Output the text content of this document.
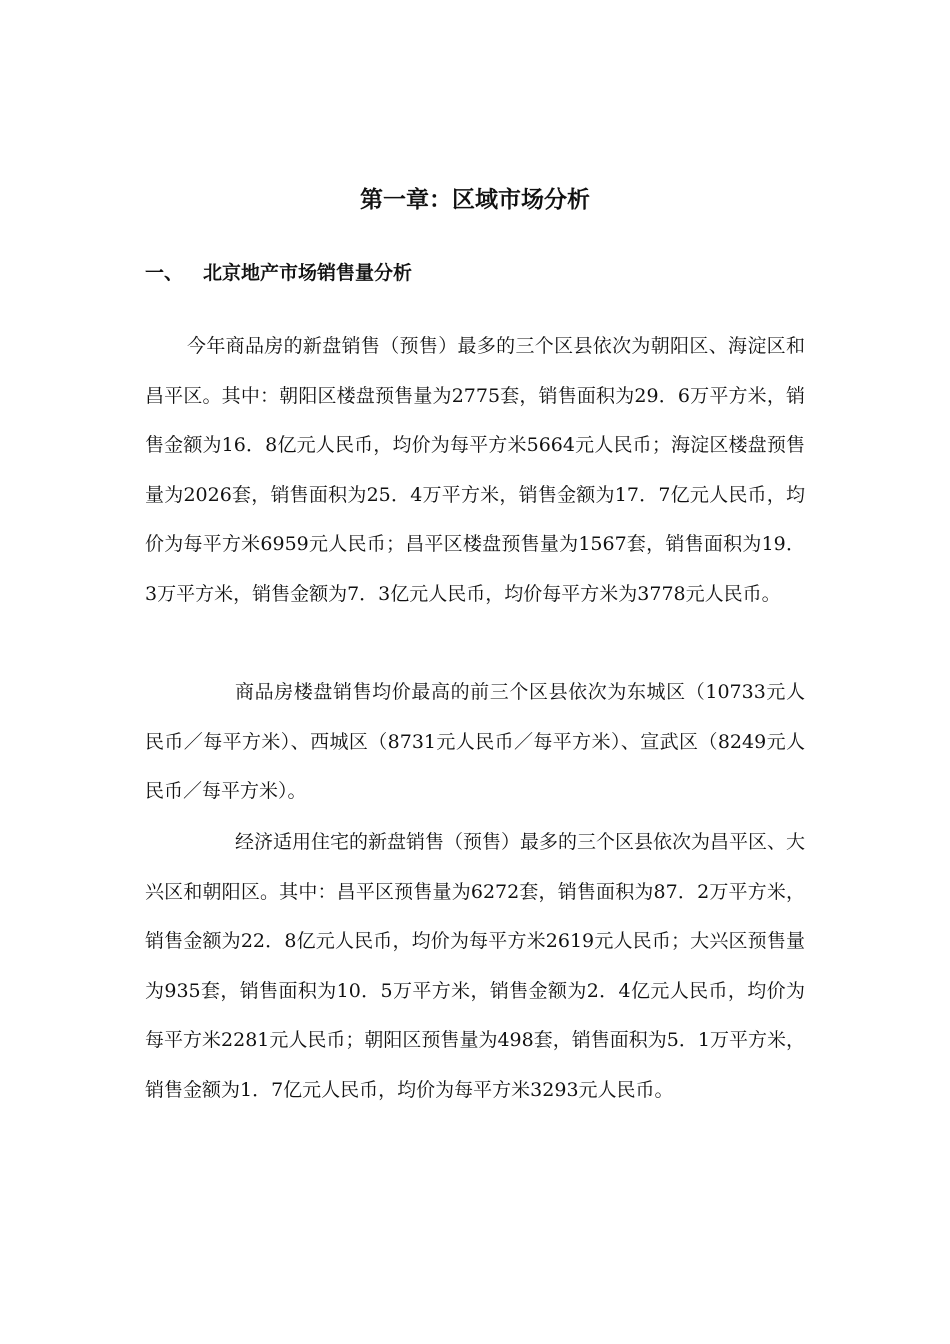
第一章：区域市场分析
一、 北京地产市场销售量分析

今年商品房的新盘销售（预售）最多的三个区县依次为朝阳区、海淀区和昌平区。其中：朝阳区楼盘预售量为2775套，销售面积为29．6万平方米，销售金额为16．8亿元人民币，均价为每平方米5664元人民币；海淀区楼盘预售量为2026套，销售面积为25．4万平方米，销售金额为17．7亿元人民币，均价为每平方米6959元人民币；昌平区楼盘预售量为1567套，销售面积为19．3万平方米，销售金额为7．3亿元人民币，均价每平方米为3778元人民币。

商品房楼盘销售均价最高的前三个区县依次为东城区（10733元人民币／每平方米）、西城区（8731元人民币／每平方米）、宣武区（8249元人民币／每平方米）。

经济适用住宅的新盘销售（预售）最多的三个区县依次为昌平区、大兴区和朝阳区。其中：昌平区预售量为6272套，销售面积为87．2万平方米，销售金额为22．8亿元人民币，均价为每平方米2619元人民币；大兴区预售量为935套，销售面积为10．5万平方米，销售金额为2．4亿元人民币，均价为每平方米2281元人民币；朝阳区预售量为498套，销售面积为5．1万平方米，销售金额为1．7亿元人民币，均价为每平方米3293元人民币。
